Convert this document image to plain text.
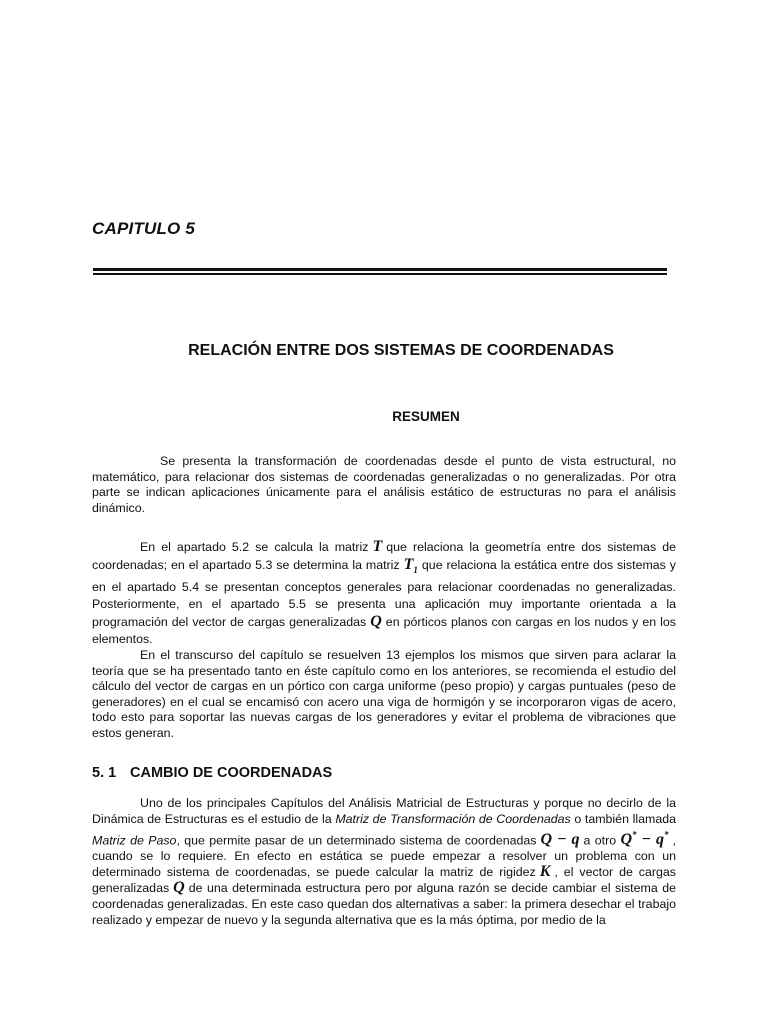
CAPITULO 5
RELACIÓN ENTRE DOS SISTEMAS DE COORDENADAS
RESUMEN

Se presenta la transformación de coordenadas desde el punto de vista estructural, no matemático, para relacionar dos sistemas de coordenadas generalizadas o no generalizadas. Por otra parte se indican aplicaciones únicamente para el análisis estático de estructuras no para el análisis dinámico.

En el apartado 5.2 se calcula la matriz T que relaciona la geometría entre dos sistemas de coordenadas; en el apartado 5.3 se determina la matriz $T_1$ que relaciona la estática entre dos sistemas y en el apartado 5.4 se presentan conceptos generales para relacionar coordenadas no generalizadas. Posteriormente, en el apartado 5.5 se presenta una aplicación muy importante orientada a la programación del vector de cargas generalizadas Q en pórticos planos con cargas en los nudos y en los elementos.

En el transcurso del capítulo se resuelven 13 ejemplos los mismos que sirven para aclarar la teoría que se ha presentado tanto en éste capítulo como en los anteriores, se recomienda el estudio del cálculo del vector de cargas en un pórtico con carga uniforme (peso propio) y cargas puntuales (peso de generadores) en el cual se encamisó con acero una viga de hormigón y se incorporaron vigas de acero, todo esto para soportar las nuevas cargas de los generadores y evitar el problema de vibraciones que estos generan.

5. 1 CAMBIO DE COORDENADAS

Uno de los principales Capítulos del Análisis Matricial de Estructuras y porque no decirlo de la Dinámica de Estructuras es el estudio de la Matriz de Transformación de Coordenadas o también llamada Matriz de Paso, que permite pasar de un determinado sistema de coordenadas Q − q a otro Q* − q* , cuando se lo requiere. En efecto en estática se puede empezar a resolver un problema con un determinado sistema de coordenadas, se puede calcular la matriz de rigidez K , el vector de cargas generalizadas Q de una determinada estructura pero por alguna razón se decide cambiar el sistema de coordenadas generalizadas. En este caso quedan dos alternativas a saber: la primera desechar el trabajo realizado y empezar de nuevo y la segunda alternativa que es la más óptima, por medio de la
